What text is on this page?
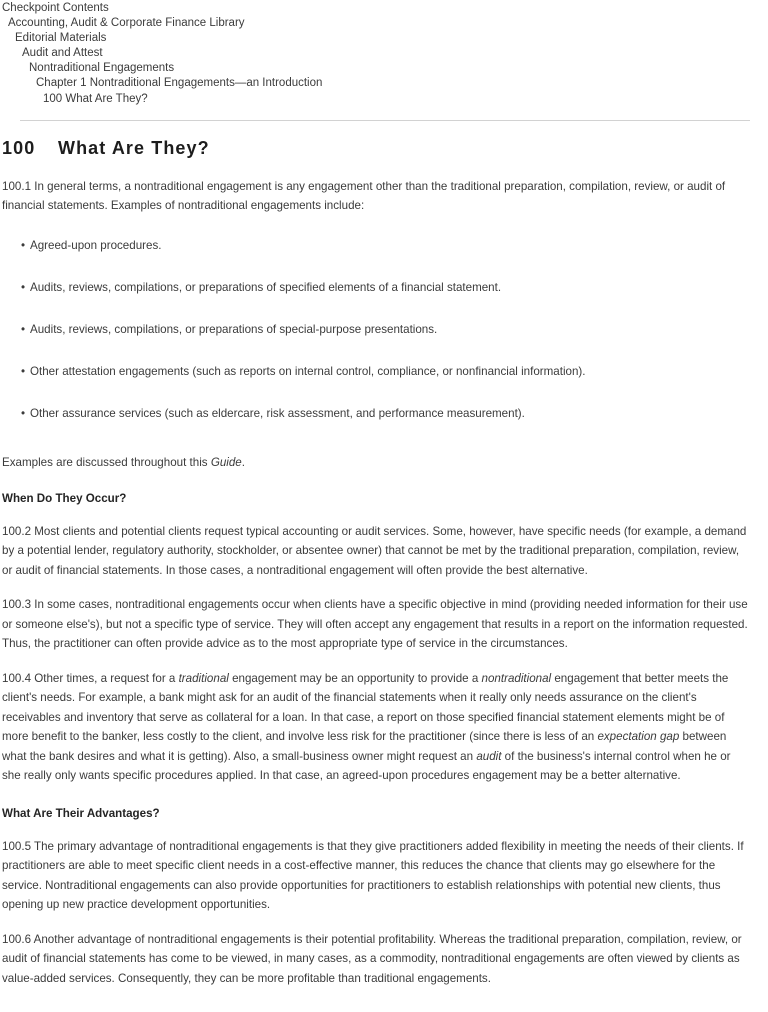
Checkpoint Contents
Accounting, Audit & Corporate Finance Library
Editorial Materials
Audit and Attest
Nontraditional Engagements
Chapter 1 Nontraditional Engagements—an Introduction
100 What Are They?
100 What Are They?

100.1 In general terms, a nontraditional engagement is any engagement other than the traditional preparation, compilation, review, or audit of financial statements. Examples of nontraditional engagements include:

• Agreed-upon procedures.
• Audits, reviews, compilations, or preparations of specified elements of a financial statement.
• Audits, reviews, compilations, or preparations of special-purpose presentations.
• Other attestation engagements (such as reports on internal control, compliance, or nonfinancial information).
• Other assurance services (such as eldercare, risk assessment, and performance measurement).

Examples are discussed throughout this Guide.

When Do They Occur?

100.2 Most clients and potential clients request typical accounting or audit services. Some, however, have specific needs (for example, a demand by a potential lender, regulatory authority, stockholder, or absentee owner) that cannot be met by the traditional preparation, compilation, review, or audit of financial statements. In those cases, a nontraditional engagement will often provide the best alternative.

100.3 In some cases, nontraditional engagements occur when clients have a specific objective in mind (providing needed information for their use or someone else's), but not a specific type of service. They will often accept any engagement that results in a report on the information requested. Thus, the practitioner can often provide advice as to the most appropriate type of service in the circumstances.

100.4 Other times, a request for a traditional engagement may be an opportunity to provide a nontraditional engagement that better meets the client's needs. For example, a bank might ask for an audit of the financial statements when it really only needs assurance on the client's receivables and inventory that serve as collateral for a loan. In that case, a report on those specified financial statement elements might be of more benefit to the banker, less costly to the client, and involve less risk for the practitioner (since there is less of an expectation gap between what the bank desires and what it is getting). Also, a small-business owner might request an audit of the business's internal control when he or she really only wants specific procedures applied. In that case, an agreed-upon procedures engagement may be a better alternative.

What Are Their Advantages?

100.5 The primary advantage of nontraditional engagements is that they give practitioners added flexibility in meeting the needs of their clients. If practitioners are able to meet specific client needs in a cost-effective manner, this reduces the chance that clients may go elsewhere for the service. Nontraditional engagements can also provide opportunities for practitioners to establish relationships with potential new clients, thus opening up new practice development opportunities.

100.6 Another advantage of nontraditional engagements is their potential profitability. Whereas the traditional preparation, compilation, review, or audit of financial statements has come to be viewed, in many cases, as a commodity, nontraditional engagements are often viewed by clients as value-added services. Consequently, they can be more profitable than traditional engagements.
